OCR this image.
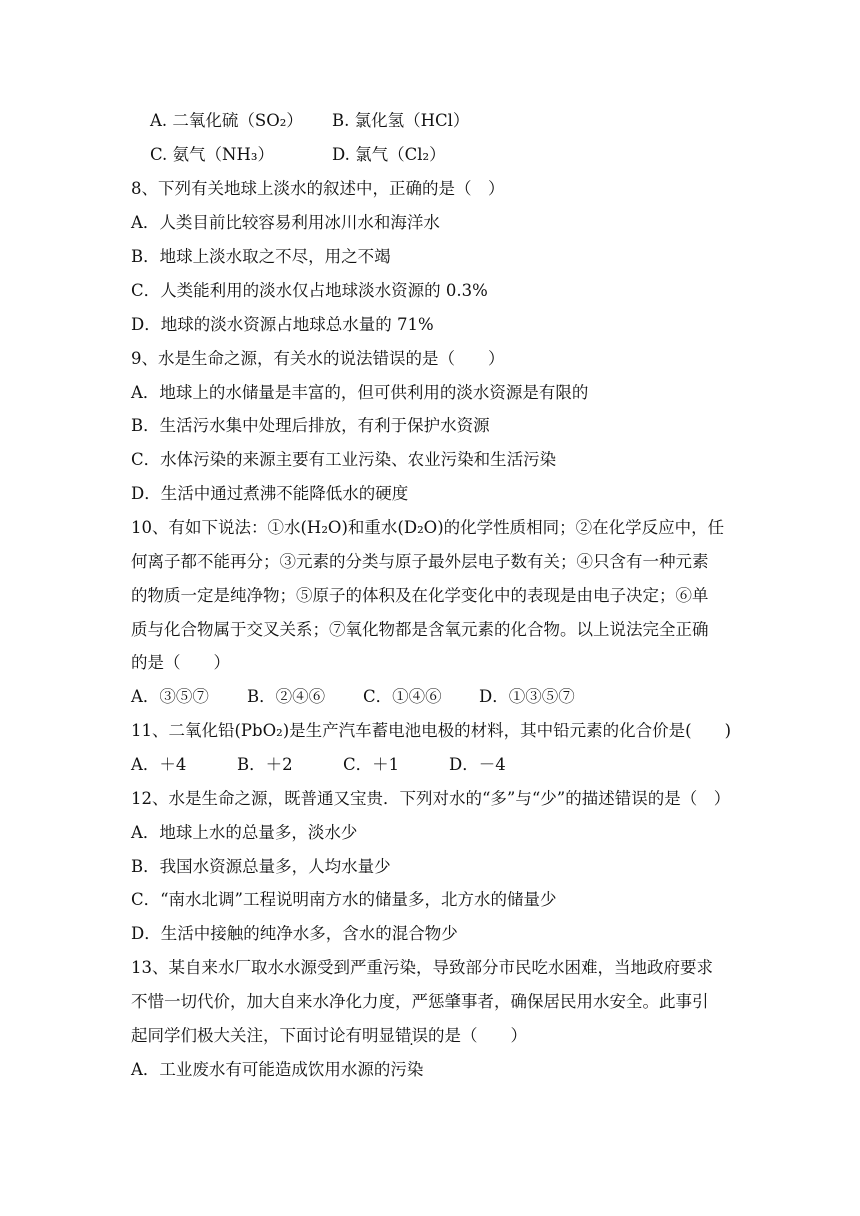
A. 二氧化硫（SO₂） B. 氯化氢（HCl）
C. 氨气（NH₃）	D. 氯气（Cl₂）
8、下列有关地球上淡水的叙述中，正确的是（　）
A．人类目前比较容易利用冰川水和海洋水
B．地球上淡水取之不尽，用之不竭
C．人类能利用的淡水仅占地球淡水资源的 0.3%
D．地球的淡水资源占地球总水量的 71%
9、水是生命之源，有关水的说法错误的是（　　）
A．地球上的水储量是丰富的，但可供利用的淡水资源是有限的
B．生活污水集中处理后排放，有利于保护水资源
C．水体污染的来源主要有工业污染、农业污染和生活污染
D．生活中通过煮沸不能降低水的硬度
10、有如下说法：①水(H₂O)和重水(D₂O)的化学性质相同；②在化学反应中，任
何离子都不能再分；③元素的分类与原子最外层电子数有关；④只含有一种元素
的物质一定是纯净物；⑤原子的体积及在化学变化中的表现是由电子决定；⑥单
质与化合物属于交叉关系；⑦氧化物都是含氧元素的化合物。以上说法完全正确
的是（　　）
A．③⑤⑦ B．②④⑥ C．①④⑥ D．①③⑤⑦
11、二氧化铅(PbO₂)是生产汽车蓄电池电极的材料，其中铅元素的化合价是(　　)
A．＋4	B．＋2	C．＋1	D．－4
12、水是生命之源，既普通又宝贵．下列对水的“多”与“少”的描述错误的是（　）
A．地球上水的总量多，淡水少
B．我国水资源总量多，人均水量少
C．“南水北调”工程说明南方水的储量多，北方水的储量少
D．生活中接触的纯净水多，含水的混合物少
13、某自来水厂取水水源受到严重污染，导致部分市民吃水困难，当地政府要求
不惜一切代价，加大自来水净化力度，严惩肇事者，确保居民用水安全。此事引
起同学们极大关注，下面讨论有明显错误的是（　　）
A．工业废水有可能造成饮用水源的污染
